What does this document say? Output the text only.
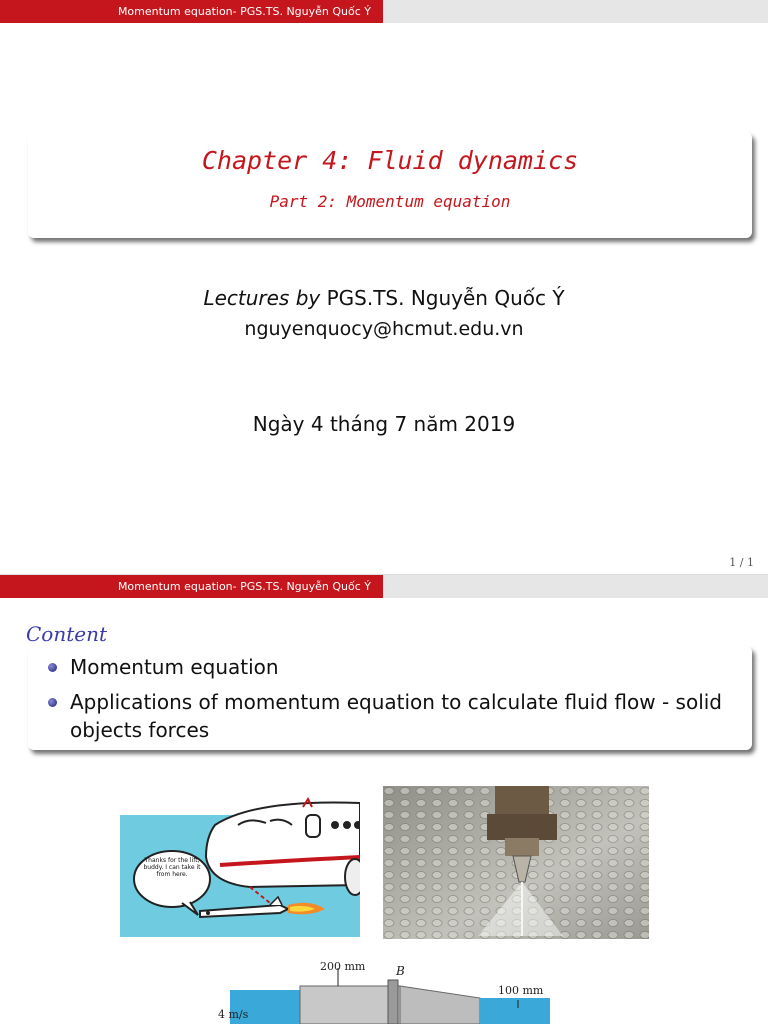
Momentum equation- PGS.TS. Nguyễn Quốc Ý
Chapter 4: Fluid dynamics
Part 2: Momentum equation
Lectures by PGS.TS. Nguyễn Quốc Ý
nguyenquocy@hcmut.edu.vn
Ngày 4 tháng 7 năm 2019
1 / 1
Momentum equation- PGS.TS. Nguyễn Quốc Ý
Content
Momentum equation
Applications of momentum equation to calculate fluid flow - solid objects forces
Thanks for the lift, buddy. I can take it from here.
200 mm	B
100 mm
4 m/s
